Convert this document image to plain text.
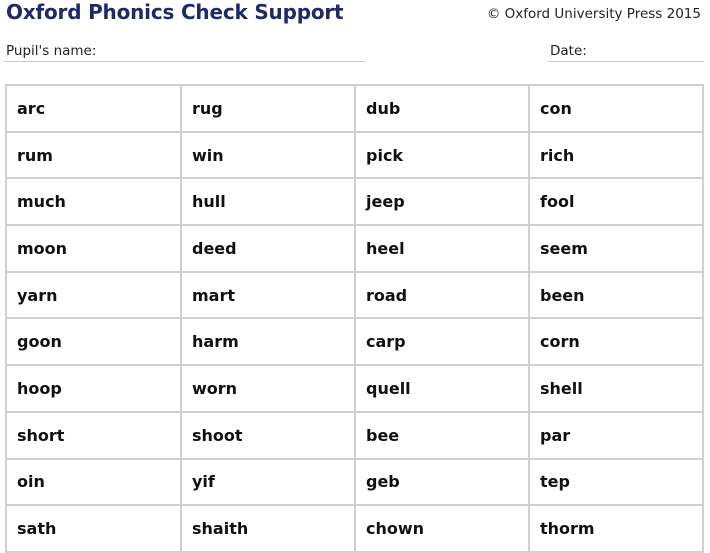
Oxford Phonics Check Support	© Oxford University Press 2015
Pupil's name:	Date:
arc	rug	dub	con
rum	win	pick	rich
much	hull	jeep	fool
moon	deed	heel	seem
yarn	mart	road	been
goon	harm	carp	corn
hoop	worn	quell	shell
short	shoot	bee	par
oin	yif	geb	tep
sath	shaith	chown	thorm
